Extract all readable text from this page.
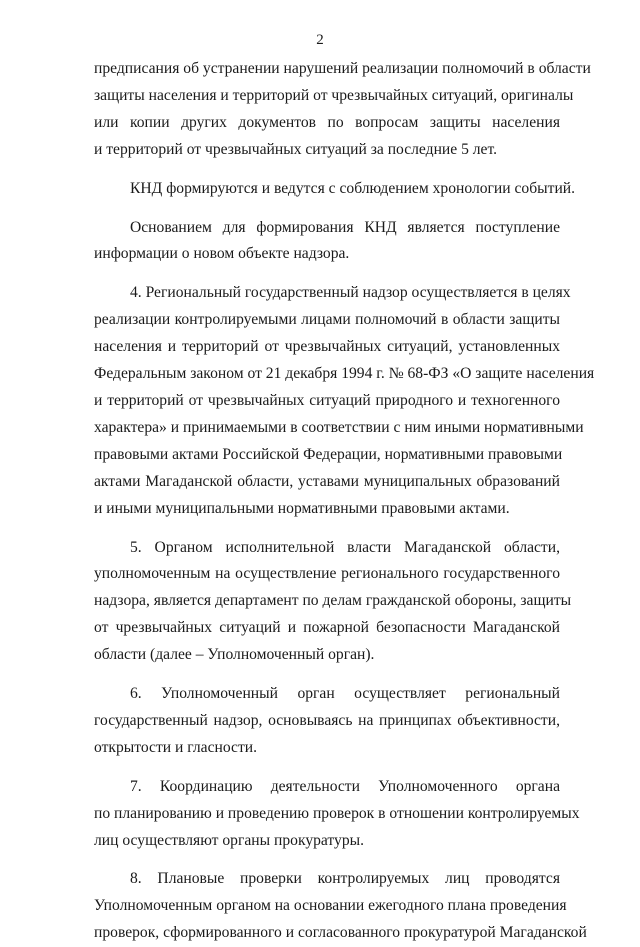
2
предписания об устранении нарушений реализации полномочий в области
защиты населения и территорий от чрезвычайных ситуаций, оригиналы
или копии других документов по вопросам защиты населения
и территорий от чрезвычайных ситуаций за последние 5 лет.
КНД формируются и ведутся с соблюдением хронологии событий.
Основанием для формирования КНД является поступление
информации о новом объекте надзора.
4. Региональный государственный надзор осуществляется в целях
реализации контролируемыми лицами полномочий в области защиты
населения и территорий от чрезвычайных ситуаций, установленных
Федеральным законом от 21 декабря 1994 г. № 68-ФЗ «О защите населения
и территорий от чрезвычайных ситуаций природного и техногенного
характера» и принимаемыми в соответствии с ним иными нормативными
правовыми актами Российской Федерации, нормативными правовыми
актами Магаданской области, уставами муниципальных образований
и иными муниципальными нормативными правовыми актами.
5. Органом исполнительной власти Магаданской области,
уполномоченным на осуществление регионального государственного
надзора, является департамент по делам гражданской обороны, защиты
от чрезвычайных ситуаций и пожарной безопасности Магаданской
области (далее – Уполномоченный орган).
6. Уполномоченный орган осуществляет региональный
государственный надзор, основываясь на принципах объективности,
открытости и гласности.
7. Координацию деятельности Уполномоченного органа
по планированию и проведению проверок в отношении контролируемых
лиц осуществляют органы прокуратуры.
8. Плановые проверки контролируемых лиц проводятся
Уполномоченным органом на основании ежегодного плана проведения
проверок, сформированного и согласованного прокуратурой Магаданской
